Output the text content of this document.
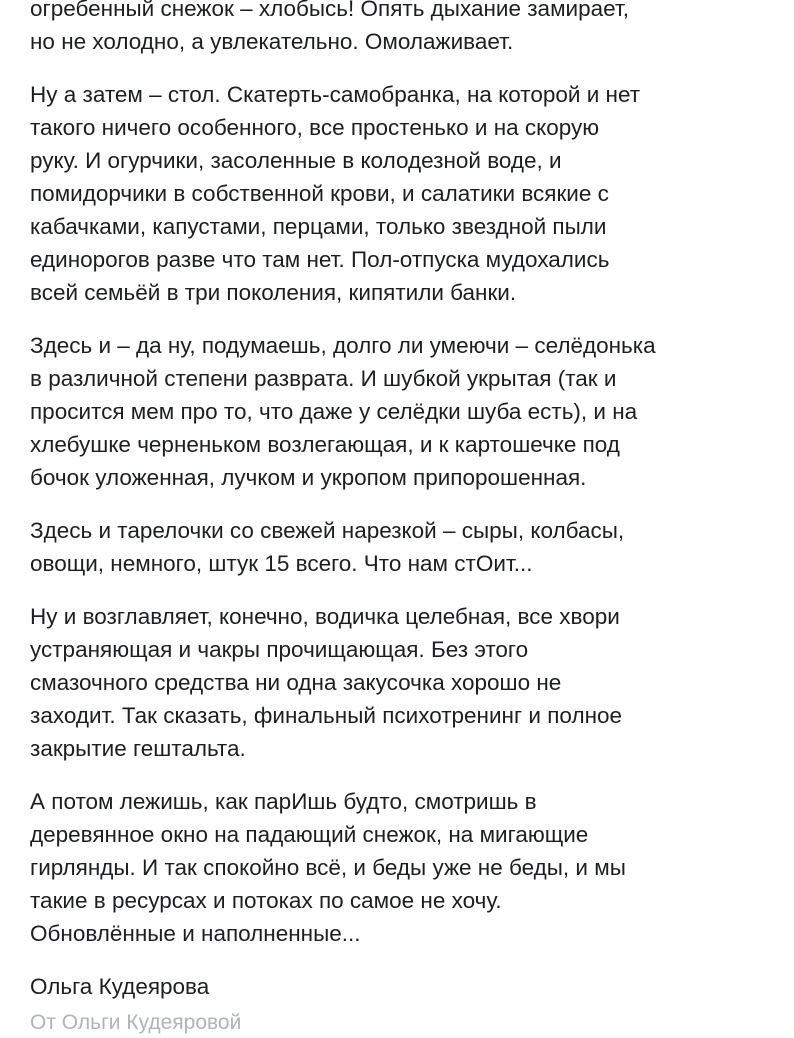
огребенный снежок – хлобысь! Опять дыхание замирает,
но не холодно, а увлекательно. Омолаживает.

Ну а затем – стол. Скатерть-самобранка, на которой и нет
такого ничего особенного, все простенько и на скорую
руку. И огурчики, засоленные в колодезной воде, и
помидорчики в собственной крови, и салатики всякие с
кабачками, капустами, перцами, только звездной пыли
единорогов разве что там нет. Пол-отпуска мудохались
всей семьёй в три поколения, кипятили банки.

Здесь и – да ну, подумаешь, долго ли умеючи – селёдонька
в различной степени разврата. И шубкой укрытая (так и
просится мем про то, что даже у селёдки шуба есть), и на
хлебушке черненьком возлегающая, и к картошечке под
бочок уложенная, лучком и укропом припорошенная.

Здесь и тарелочки со свежей нарезкой – сыры, колбасы,
овощи, немного, штук 15 всего. Что нам стОит...

Ну и возглавляет, конечно, водичка целебная, все хвори
устраняющая и чакры прочищающая. Без этого
смазочного средства ни одна закусочка хорошо не
заходит. Так сказать, финальный психотренинг и полное
закрытие гештальта.

А потом лежишь, как парИшь будто, смотришь в
деревянное окно на падающий снежок, на мигающие
гирлянды. И так спокойно всё, и беды уже не беды, и мы
такие в ресурсах и потоках по самое не хочу.
Обновлённые и наполненные...

Ольга Кудеярова

От Ольги Кудеяровой
